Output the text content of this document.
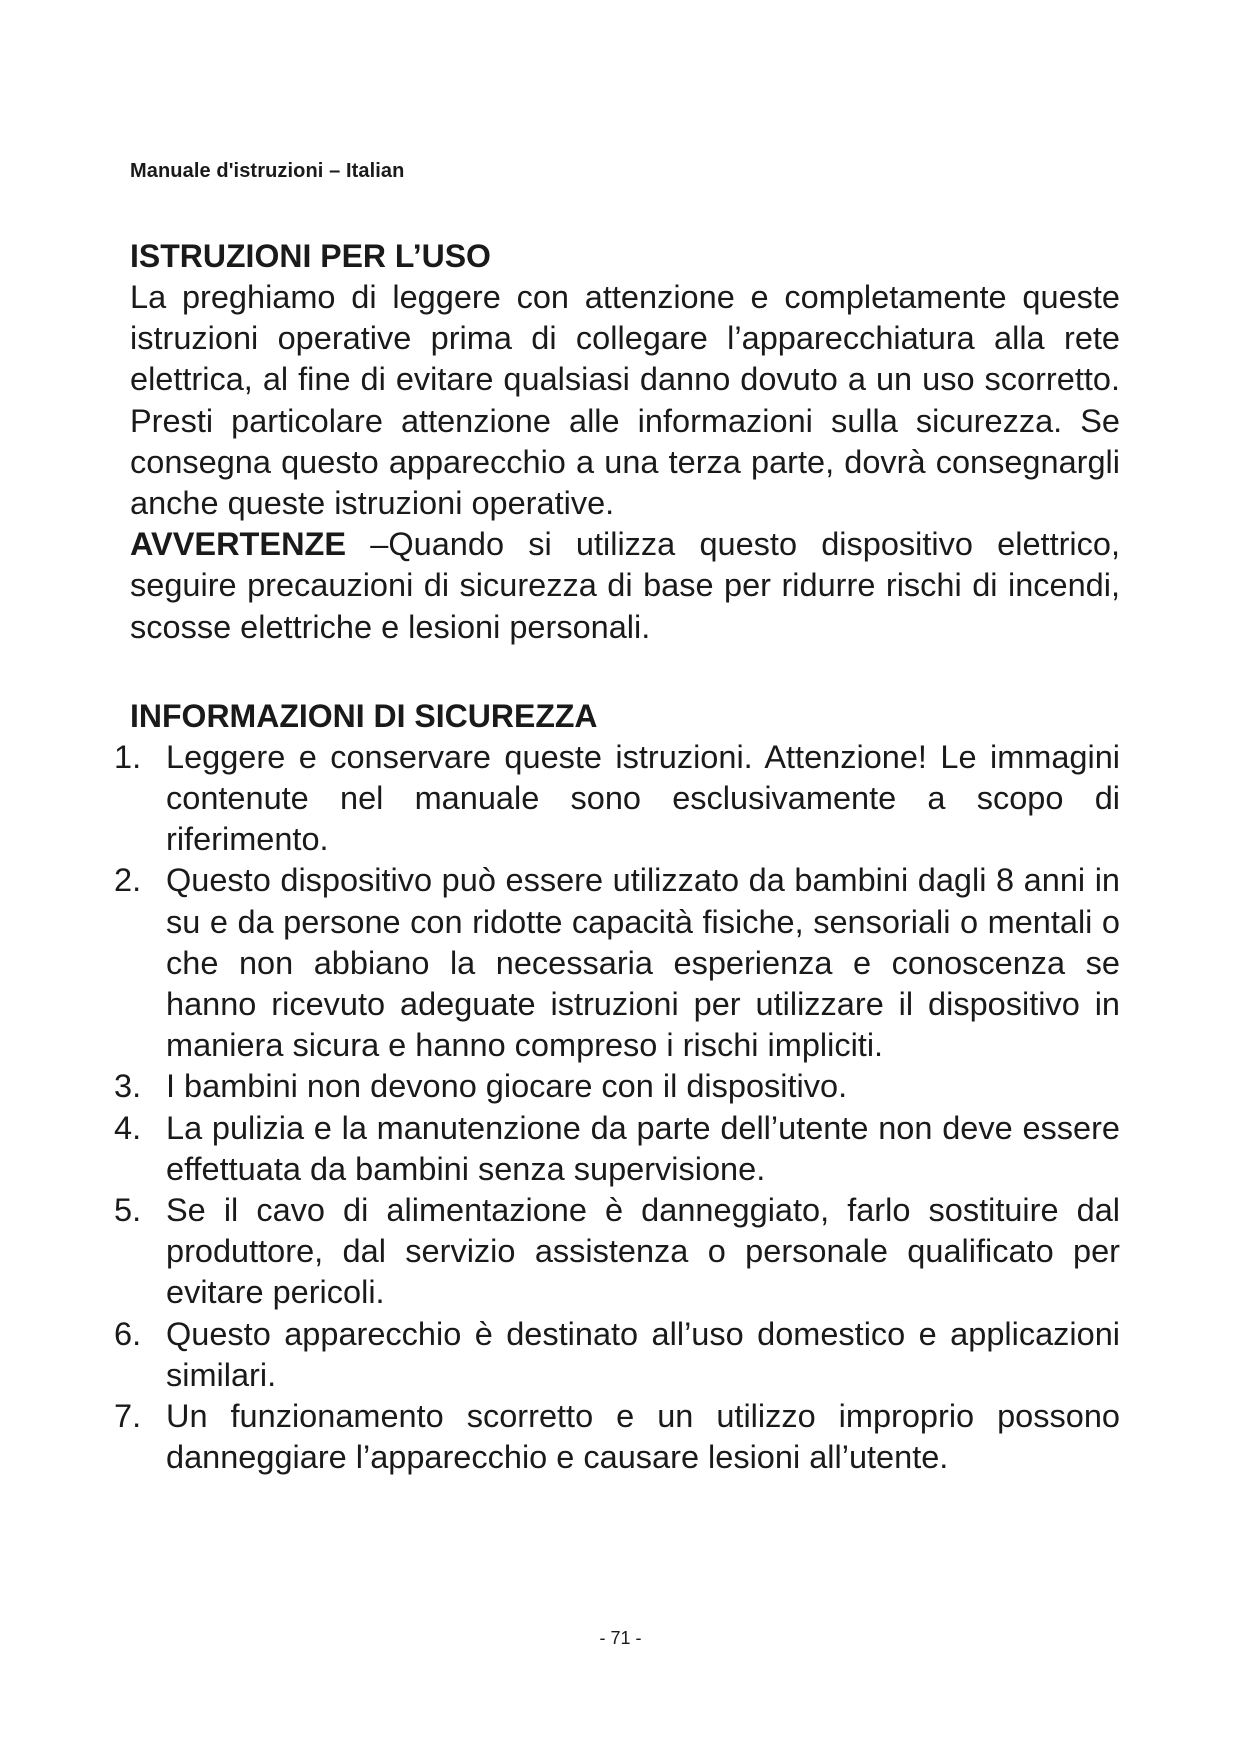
Manuale d'istruzioni – Italian
ISTRUZIONI PER L’USO

La preghiamo di leggere con attenzione e completamente queste istruzioni operative prima di collegare l’apparecchiatura alla rete elettrica, al fine di evitare qualsiasi danno dovuto a un uso scorretto. Presti particolare attenzione alle informazioni sulla sicurezza. Se consegna questo apparecchio a una terza parte, dovrà consegnargli anche queste istruzioni operative.

AVVERTENZE –Quando si utilizza questo dispositivo elettrico, seguire precauzioni di sicurezza di base per ridurre rischi di incendi, scosse elettriche e lesioni personali.

INFORMAZIONI DI SICUREZZA
1. Leggere e conservare queste istruzioni. Attenzione! Le immagini contenute nel manuale sono esclusivamente a scopo di riferimento.
2. Questo dispositivo può essere utilizzato da bambini dagli 8 anni in su e da persone con ridotte capacità fisiche, sensoriali o mentali o che non abbiano la necessaria esperienza e conoscenza se hanno ricevuto adeguate istruzioni per utilizzare il dispositivo in maniera sicura e hanno compreso i rischi impliciti.
3. I bambini non devono giocare con il dispositivo.
4. La pulizia e la manutenzione da parte dell’utente non deve essere effettuata da bambini senza supervisione.
5. Se il cavo di alimentazione è danneggiato, farlo sostituire dal produttore, dal servizio assistenza o personale qualificato per evitare pericoli.
6. Questo apparecchio è destinato all’uso domestico e applicazioni similari.
7. Un funzionamento scorretto e un utilizzo improprio possono danneggiare l’apparecchio e causare lesioni all’utente.
- 71 -
